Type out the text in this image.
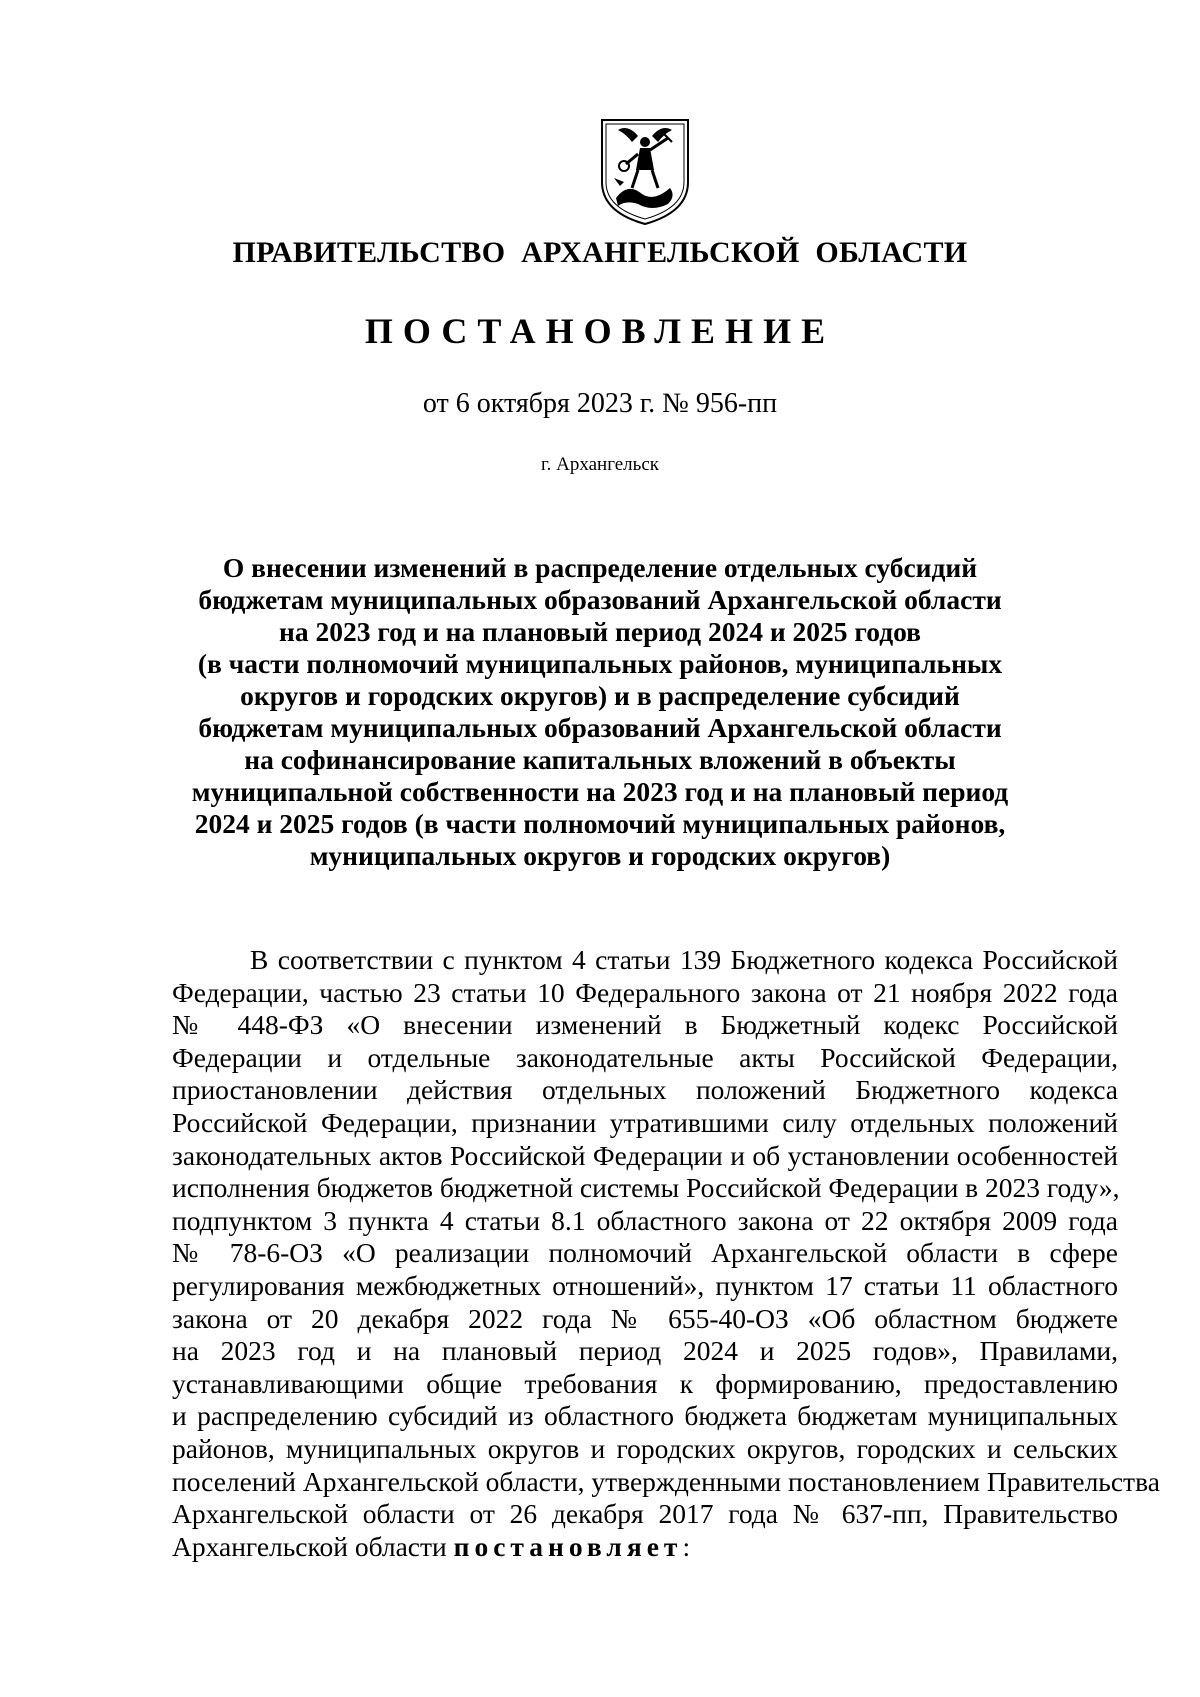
ПРАВИТЕЛЬСТВО АРХАНГЕЛЬСКОЙ ОБЛАСТИ
ПОСТАНОВЛЕНИЕ
от 6 октября 2023 г. № 956-пп
г. Архангельск
О внесении изменений в распределение отдельных субсидий
бюджетам муниципальных образований Архангельской области
на 2023 год и на плановый период 2024 и 2025 годов
(в части полномочий муниципальных районов, муниципальных
округов и городских округов) и в распределение субсидий
бюджетам муниципальных образований Архангельской области
на софинансирование капитальных вложений в объекты
муниципальной собственности на 2023 год и на плановый период
2024 и 2025 годов (в части полномочий муниципальных районов,
муниципальных округов и городских округов)
В соответствии с пунктом 4 статьи 139 Бюджетного кодекса Российской
Федерации, частью 23 статьи 10 Федерального закона от 21 ноября 2022 года
№ 448-ФЗ «О внесении изменений в Бюджетный кодекс Российской
Федерации и отдельные законодательные акты Российской Федерации,
приостановлении действия отдельных положений Бюджетного кодекса
Российской Федерации, признании утратившими силу отдельных положений
законодательных актов Российской Федерации и об установлении особенностей
исполнения бюджетов бюджетной системы Российской Федерации в 2023 году»,
подпунктом 3 пункта 4 статьи 8.1 областного закона от 22 октября 2009 года
№ 78-6-ОЗ «О реализации полномочий Архангельской области в сфере
регулирования межбюджетных отношений», пунктом 17 статьи 11 областного
закона от 20 декабря 2022 года № 655-40-ОЗ «Об областном бюджете
на 2023 год и на плановый период 2024 и 2025 годов», Правилами,
устанавливающими общие требования к формированию, предоставлению
и распределению субсидий из областного бюджета бюджетам муниципальных
районов, муниципальных округов и городских округов, городских и сельских
поселений Архангельской области, утвержденными постановлением Правительства
Архангельской области от 26 декабря 2017 года № 637-пп, Правительство
Архангельской области постановляет:
